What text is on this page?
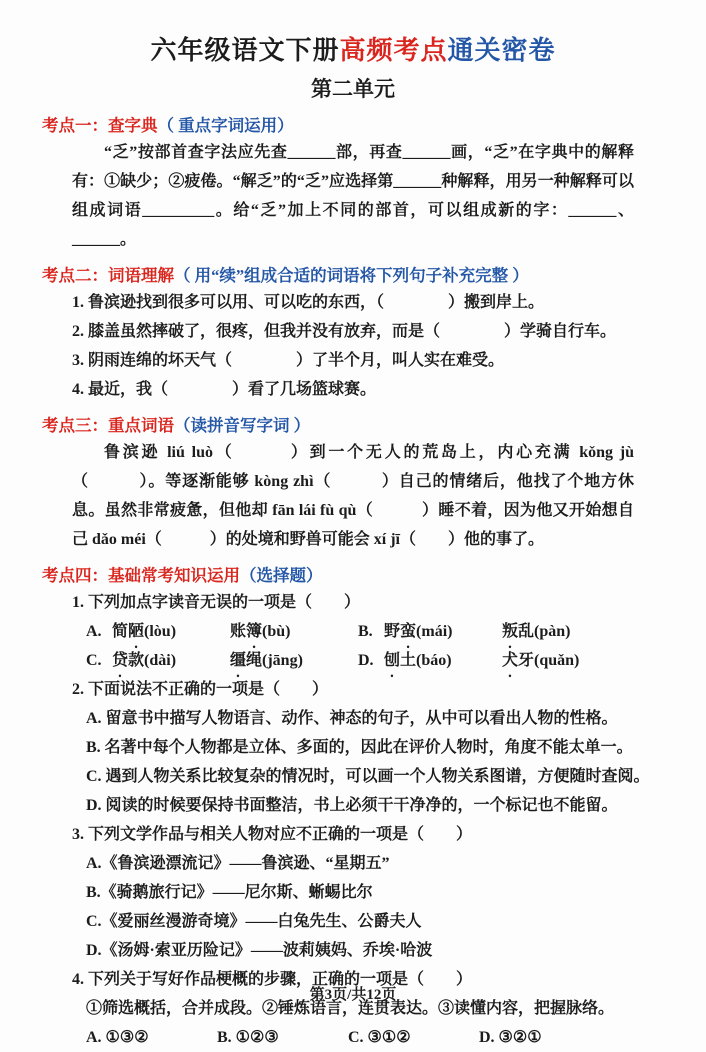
六年级语文下册高频考点通关密卷
第二单元
考点一：查字典（ 重点字词运用）

“乏”按部首查字法应先查______部，再查______画，“乏”在字典中的解释有：①缺少；②疲倦。“解乏”的“乏”应选择第______种解释，用另一种解释可以组成词语_________。给“乏”加上不同的部首，可以组成新的字：______、______。

考点二：词语理解（ 用“续”组成合适的词语将下列句子补充完整 ）
1. 鲁滨逊找到很多可以用、可以吃的东西，（　　　　）搬到岸上。
2. 膝盖虽然摔破了，很疼，但我并没有放弃，而是（　　　　）学骑自行车。
3. 阴雨连绵的坏天气（　　　　）了半个月，叫人实在难受。
4. 最近，我（　　　　）看了几场篮球赛。
考点三：重点词语（读拼音写字词 ）

鲁滨逊 liú luò（　　　）到一个无人的荒岛上，内心充满 kǒng jù（　　　）。等逐渐能够 kòng zhì（　　　）自己的情绪后，他找了个地方休息。虽然非常疲惫，但他却 fān lái fù qù（　　　）睡不着，因为他又开始想自己 dǎo méi（　　　）的处境和野兽可能会 xí jī（　　）他的事了。

考点四：基础常考知识运用（选择题）
1. 下列加点字读音无误的一项是（　　）
A. 简陋(lòu)	账簿(bù)	B. 野蛮(mái)	叛乱(pàn)
C. 贷款(dài)	缰绳(jāng)	D. 刨土(báo)	犬牙(quǎn)
2. 下面说法不正确的一项是（　　）
A. 留意书中描写人物语言、动作、神态的句子，从中可以看出人物的性格。
B. 名著中每个人物都是立体、多面的，因此在评价人物时，角度不能太单一。
C. 遇到人物关系比较复杂的情况时，可以画一个人物关系图谱，方便随时查阅。
D. 阅读的时候要保持书面整洁，书上必须干干净净的，一个标记也不能留。
3. 下列文学作品与相关人物对应不正确的一项是（　　）
A.《鲁滨逊漂流记》——鲁滨逊、“星期五”
B.《骑鹅旅行记》——尼尔斯、蜥蜴比尔
C.《爱丽丝漫游奇境》——白兔先生、公爵夫人
D.《汤姆·索亚历险记》——波莉姨妈、乔埃·哈波
4. 下列关于写好作品梗概的步骤，正确的一项是（　　）
①筛选概括，合并成段。②锤炼语言，连贯表达。③读懂内容，把握脉络。
A. ①③②	B. ①②③	C. ③①②	D. ③②①
第3页/共12页
